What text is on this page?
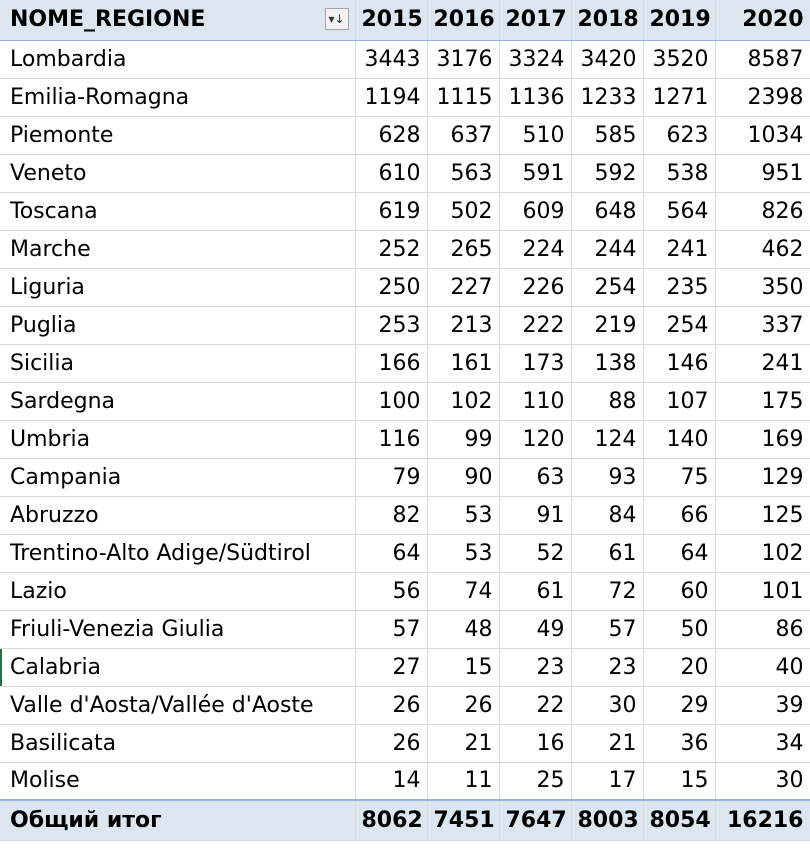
NOME_REGIONE ▾↓	2015	2016	2017	2018	2019	2020
Lombardia	3443	3176	3324	3420	3520	8587
Emilia-Romagna	1194	1115	1136	1233	1271	2398
Piemonte	628	637	510	585	623	1034
Veneto	610	563	591	592	538	951
Toscana	619	502	609	648	564	826
Marche	252	265	224	244	241	462
Liguria	250	227	226	254	235	350
Puglia	253	213	222	219	254	337
Sicilia	166	161	173	138	146	241
Sardegna	100	102	110	88	107	175
Umbria	116	99	120	124	140	169
Campania	79	90	63	93	75	129
Abruzzo	82	53	91	84	66	125
Trentino-Alto Adige/Südtirol	64	53	52	61	64	102
Lazio	56	74	61	72	60	101
Friuli-Venezia Giulia	57	48	49	57	50	86
Calabria	27	15	23	23	20	40
Valle d'Aosta/Vallée d'Aoste	26	26	22	30	29	39
Basilicata	26	21	16	21	36	34
Molise	14	11	25	17	15	30
Общий итог	8062	7451	7647	8003	8054	16216
